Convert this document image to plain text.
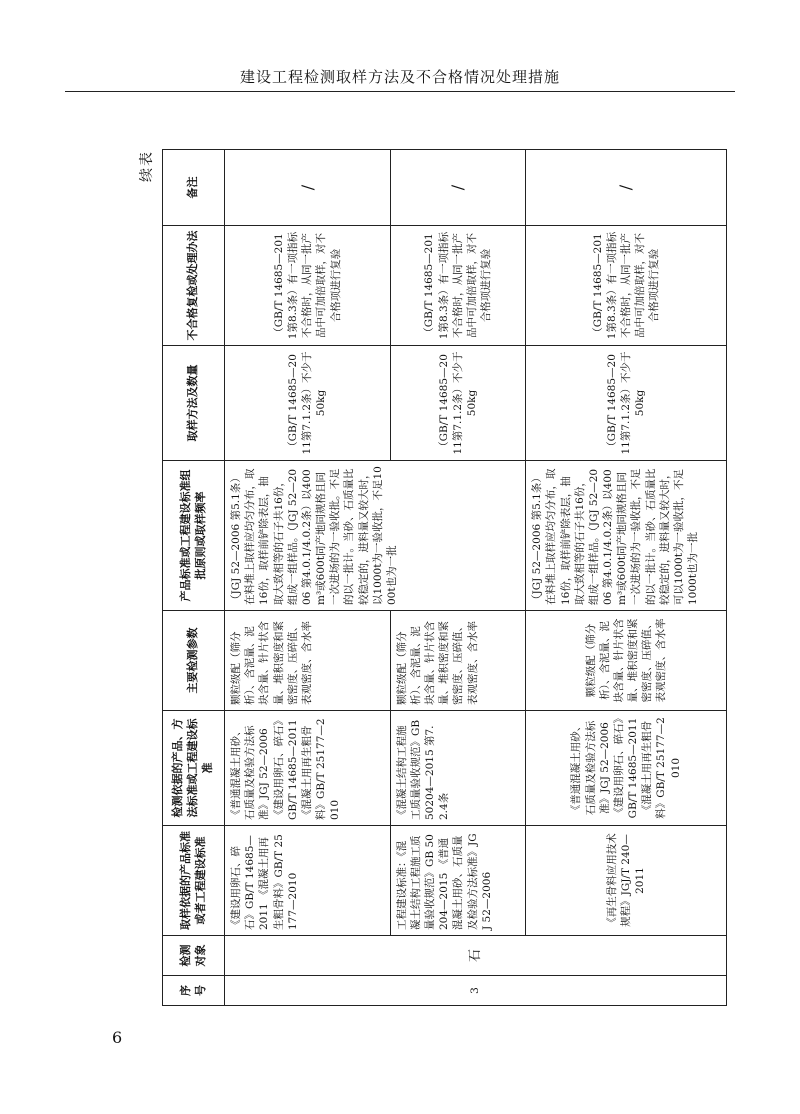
建设工程检测取样方法及不合格情况处理措施
续表
序号	检测对象	取样依据的产品标准或者工程建设标准	检测依据的产品、方法标准或工程建设标准	主要检测参数	产品标准或工程建设标准组批原则或取样频率	取样方法及数量	不合格复检或处理办法	备注
3	石	《建设用卵石、碎石》GB/T 14685—2011 《混凝土用再生粗骨料》GB/T 25177—2010	《普通混凝土用砂、石质量及检验方法标准》JGJ 52—2006 《建设用卵石、碎石》GB/T 14685—2011 《混凝土用再生粗骨料》GB/T 25177—2010	颗粒级配（筛分析）、含泥量、泥块含量、针片状含量、堆积密度和紧密密度、压碎值、表观密度、含水率	（JGJ 52—2006 第5.1条）在料堆上取样应均匀分布，取16份，取样前铲除表层，抽取大致相等的石子共16份，组成一组样品。（JGJ 52—2006 第4.0.1/4.0.2条）以400m³或600t同产地同规格且同一次进场的为一验收批。不足的以一批计。当砂、石质量比较稳定的，进料量又较大时，以1000t为一验收批，不足1000t也为一批	（GB/T 14685—2011第7.1.2条）不少于50kg	（GB/T 14685—2011第8.3条）有一项指标不合格时，从同一批产品中可加倍取样，对不合格项进行复验	/
		工程建设标准：《混凝土结构工程施工质量验收规范》GB 50204—2015 《普通混凝土用砂、石质量及检验方法标准》JGJ 52—2006	《混凝土结构工程施工质量验收规范》GB 50204—2015 第7.2.4条	颗粒级配（筛分析）、含泥量、泥块含量、针片状含量、堆积密度和紧密密度、压碎值、表观密度、含水率		（GB/T 14685—2011第7.1.2条）不少于50kg	（GB/T 14685—2011第8.3条）有一项指标不合格时，从同一批产品中可加倍取样，对不合格项进行复验	/
		《再生骨料应用技术规程》JGJ/T 240—2011	《普通混凝土用砂、石质量及检验方法标准》JGJ 52—2006 《建设用卵石、碎石》GB/T 14685—2011 《混凝土用再生粗骨料》GB/T 25177—2010	颗粒级配（筛分析）、含泥量、泥块含量、针片状含量、堆积密度和紧密密度、压碎值、表观密度、含水率	（JGJ 52—2006 第5.1条）在料堆上取样应均匀分布，取16份，取样前铲除表层，抽取大致相等的石子共16份，组成一组样品。（JGJ 52—2006 第4.0.1/4.0.2条）以400m³或600t同产地同规格且同一次进场的为一验收批，不足的以一批计。当砂、石质量比较稳定的，进料量又较大时，可以1000t为一验收批，不足1000t也为一批	（GB/T 14685—2011第7.1.2条）不少于50kg	（GB/T 14685—2011第8.3条）有一项指标不合格时，从同一批产品中可加倍取样，对不合格项进行复验	/
6
